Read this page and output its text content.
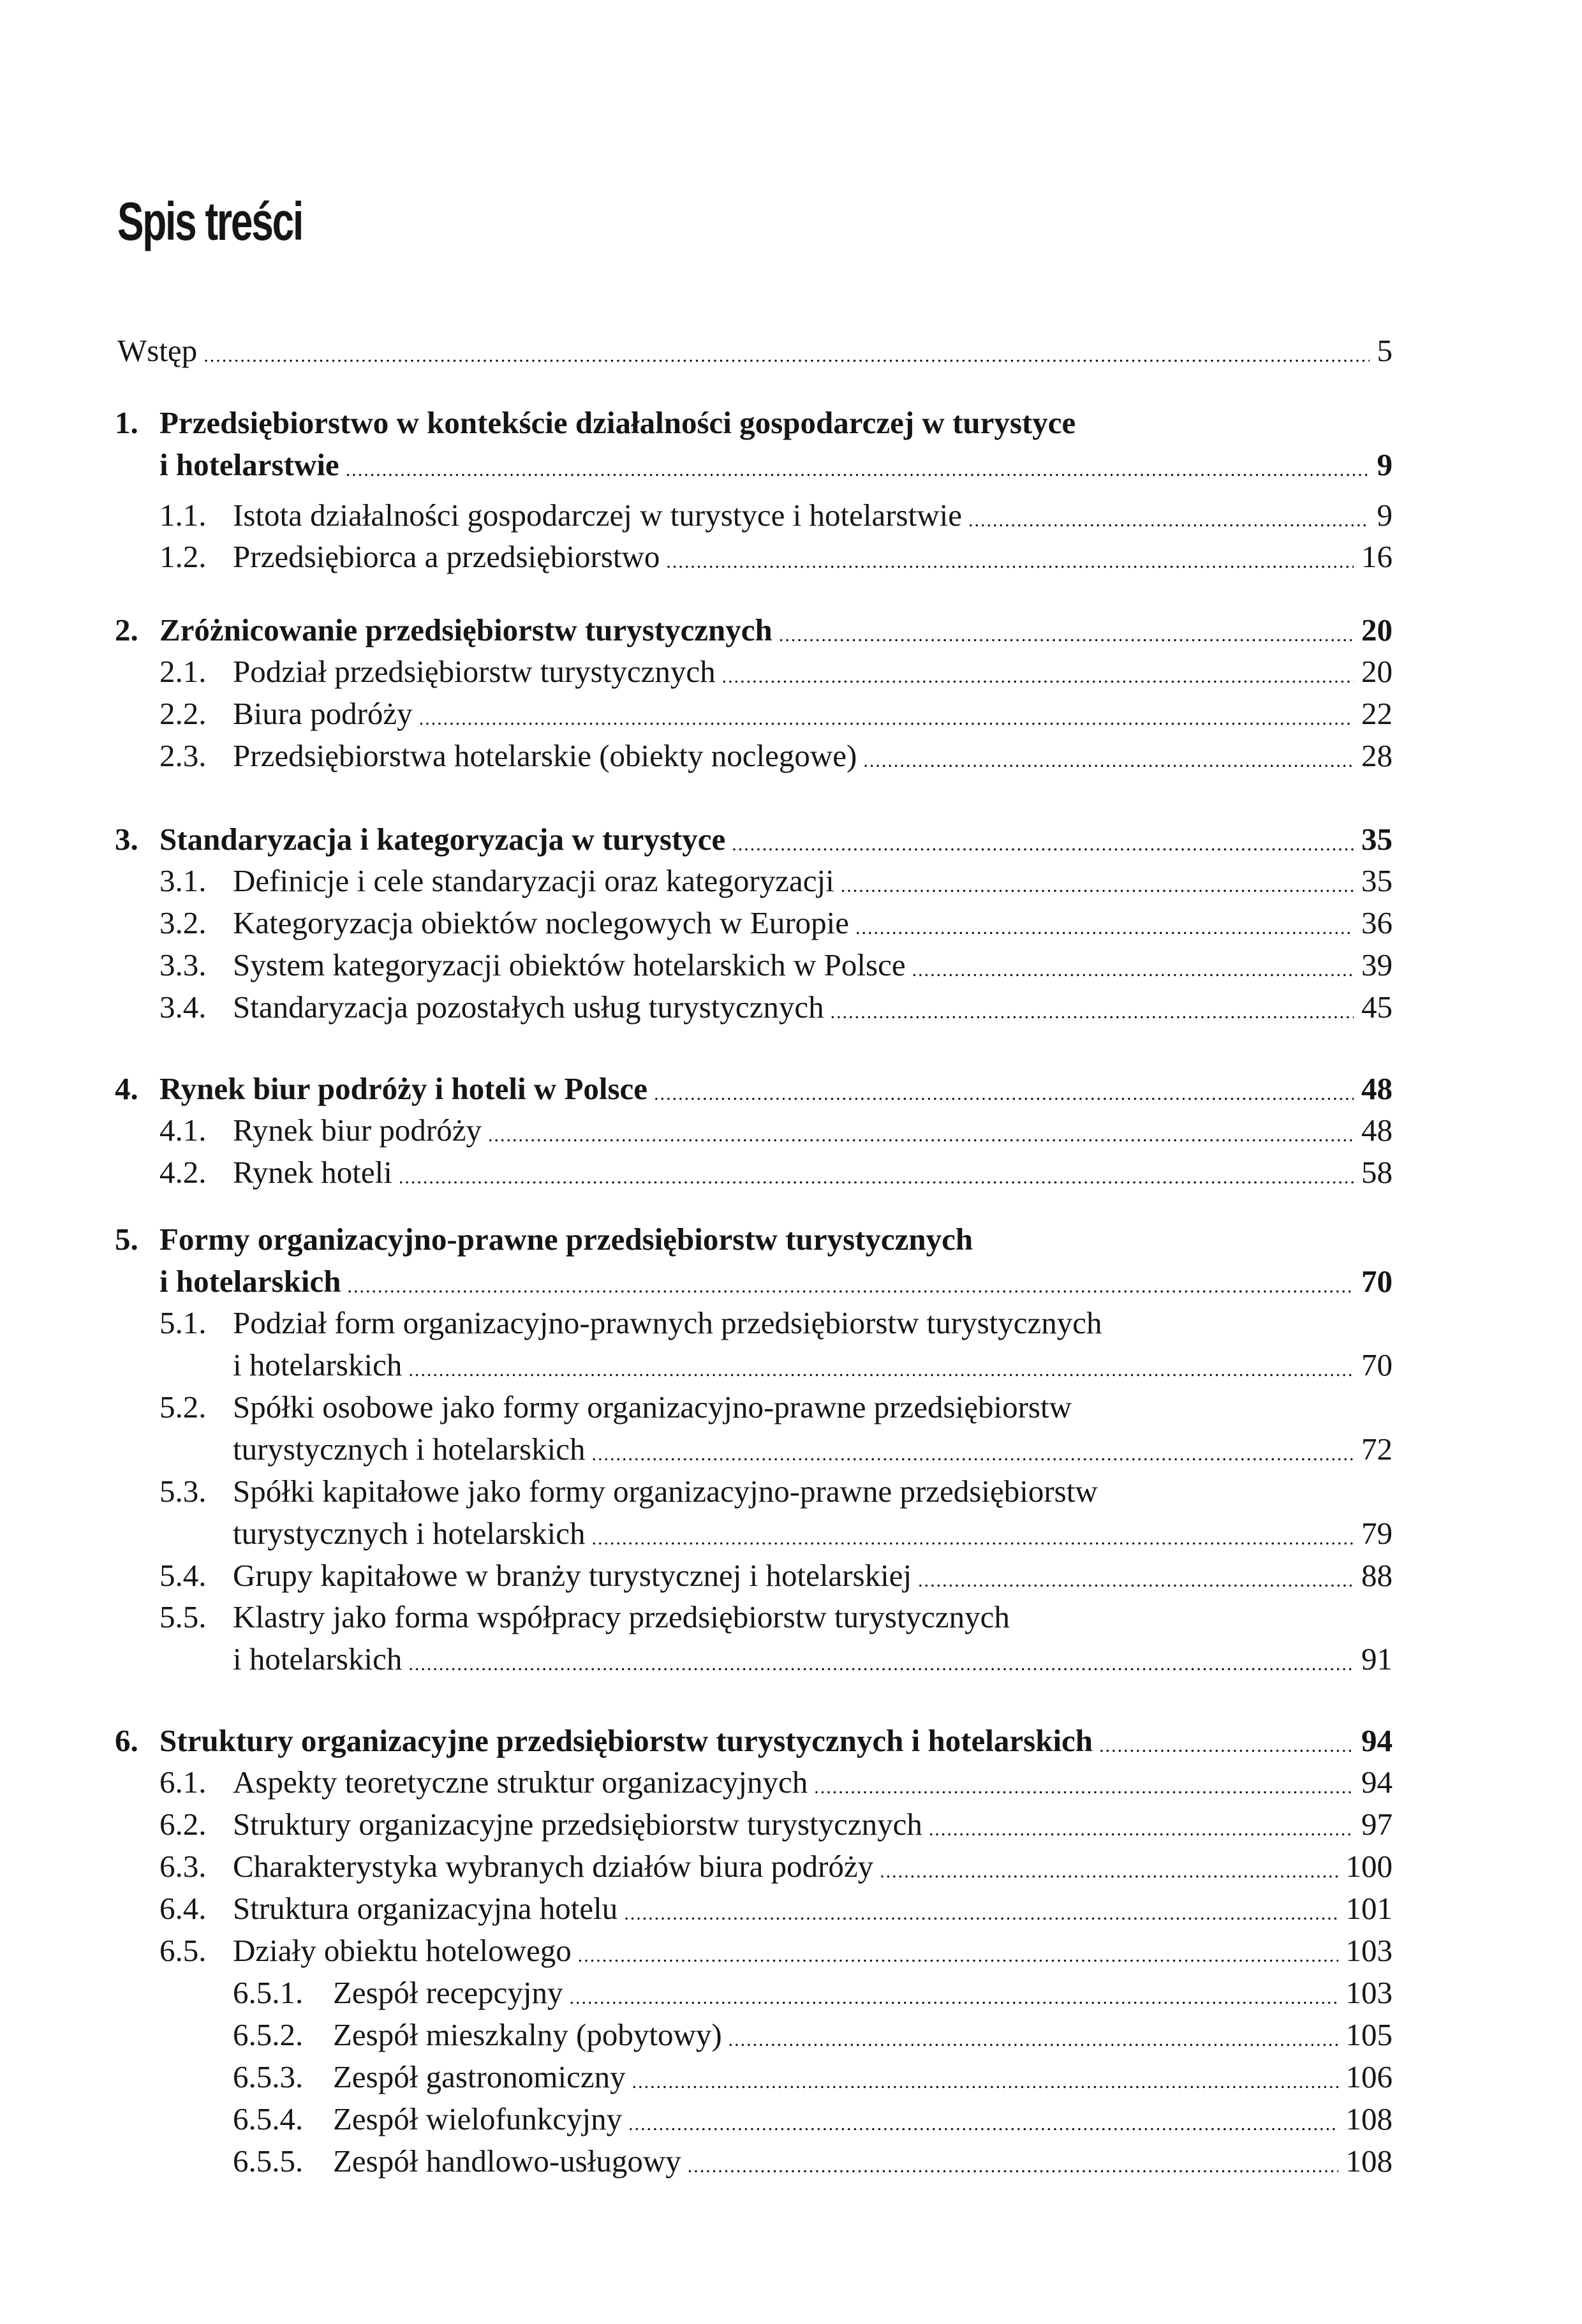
Spis treści
Wstęp .....	5
1. Przedsiębiorstwo w kontekście działalności gospodarczej w turystyce
i hotelarstwie .....	9
1.1. Istota działalności gospodarczej w turystyce i hotelarstwie .....	9
1.2. Przedsiębiorca a przedsiębiorstwo .....	16
2. Zróżnicowanie przedsiębiorstw turystycznych .....	20
2.1. Podział przedsiębiorstw turystycznych .....	20
2.2. Biura podróży .....	22
2.3. Przedsiębiorstwa hotelarskie (obiekty noclegowe) .....	28
3. Standaryzacja i kategoryzacja w turystyce .....	35
3.1. Definicje i cele standaryzacji oraz kategoryzacji .....	35
3.2. Kategoryzacja obiektów noclegowych w Europie .....	36
3.3. System kategoryzacji obiektów hotelarskich w Polsce .....	39
3.4. Standaryzacja pozostałych usług turystycznych .....	45
4. Rynek biur podróży i hoteli w Polsce .....	48
4.1. Rynek biur podróży .....	48
4.2. Rynek hoteli .....	58
5. Formy organizacyjno-prawne przedsiębiorstw turystycznych
i hotelarskich .....	70
5.1. Podział form organizacyjno-prawnych przedsiębiorstw turystycznych
i hotelarskich .....	70
5.2. Spółki osobowe jako formy organizacyjno-prawne przedsiębiorstw
turystycznych i hotelarskich .....	72
5.3. Spółki kapitałowe jako formy organizacyjno-prawne przedsiębiorstw
turystycznych i hotelarskich .....	79
5.4. Grupy kapitałowe w branży turystycznej i hotelarskiej .....	88
5.5. Klastry jako forma współpracy przedsiębiorstw turystycznych
i hotelarskich .....	91
6. Struktury organizacyjne przedsiębiorstw turystycznych i hotelarskich .....	94
6.1. Aspekty teoretyczne struktur organizacyjnych .....	94
6.2. Struktury organizacyjne przedsiębiorstw turystycznych .....	97
6.3. Charakterystyka wybranych działów biura podróży .....	100
6.4. Struktura organizacyjna hotelu .....	101
6.5. Działy obiektu hotelowego .....	103
6.5.1. Zespół recepcyjny .....	103
6.5.2. Zespół mieszkalny (pobytowy) .....	105
6.5.3. Zespół gastronomiczny .....	106
6.5.4. Zespół wielofunkcyjny .....	108
6.5.5. Zespół handlowo-usługowy .....	108
